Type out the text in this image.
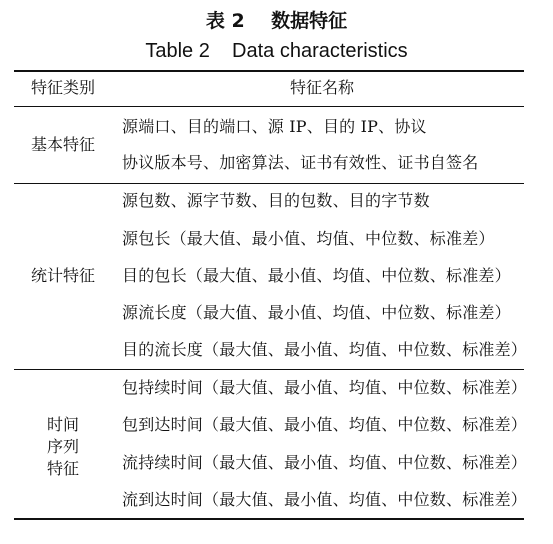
表 2    数据特征
Table 2    Data characteristics
特征类别	特征名称
基本特征
源端口、目的端口、源 IP、目的 IP、协议
协议版本号、加密算法、证书有效性、证书自签名
统计特征
源包数、源字节数、目的包数、目的字节数
源包长（最大值、最小值、均值、中位数、标准差）
目的包长（最大值、最小值、均值、中位数、标准差）
源流长度（最大值、最小值、均值、中位数、标准差）
目的流长度（最大值、最小值、均值、中位数、标准差）
时间
序列
特征
包持续时间（最大值、最小值、均值、中位数、标准差）
包到达时间（最大值、最小值、均值、中位数、标准差）
流持续时间（最大值、最小值、均值、中位数、标准差）
流到达时间（最大值、最小值、均值、中位数、标准差）
